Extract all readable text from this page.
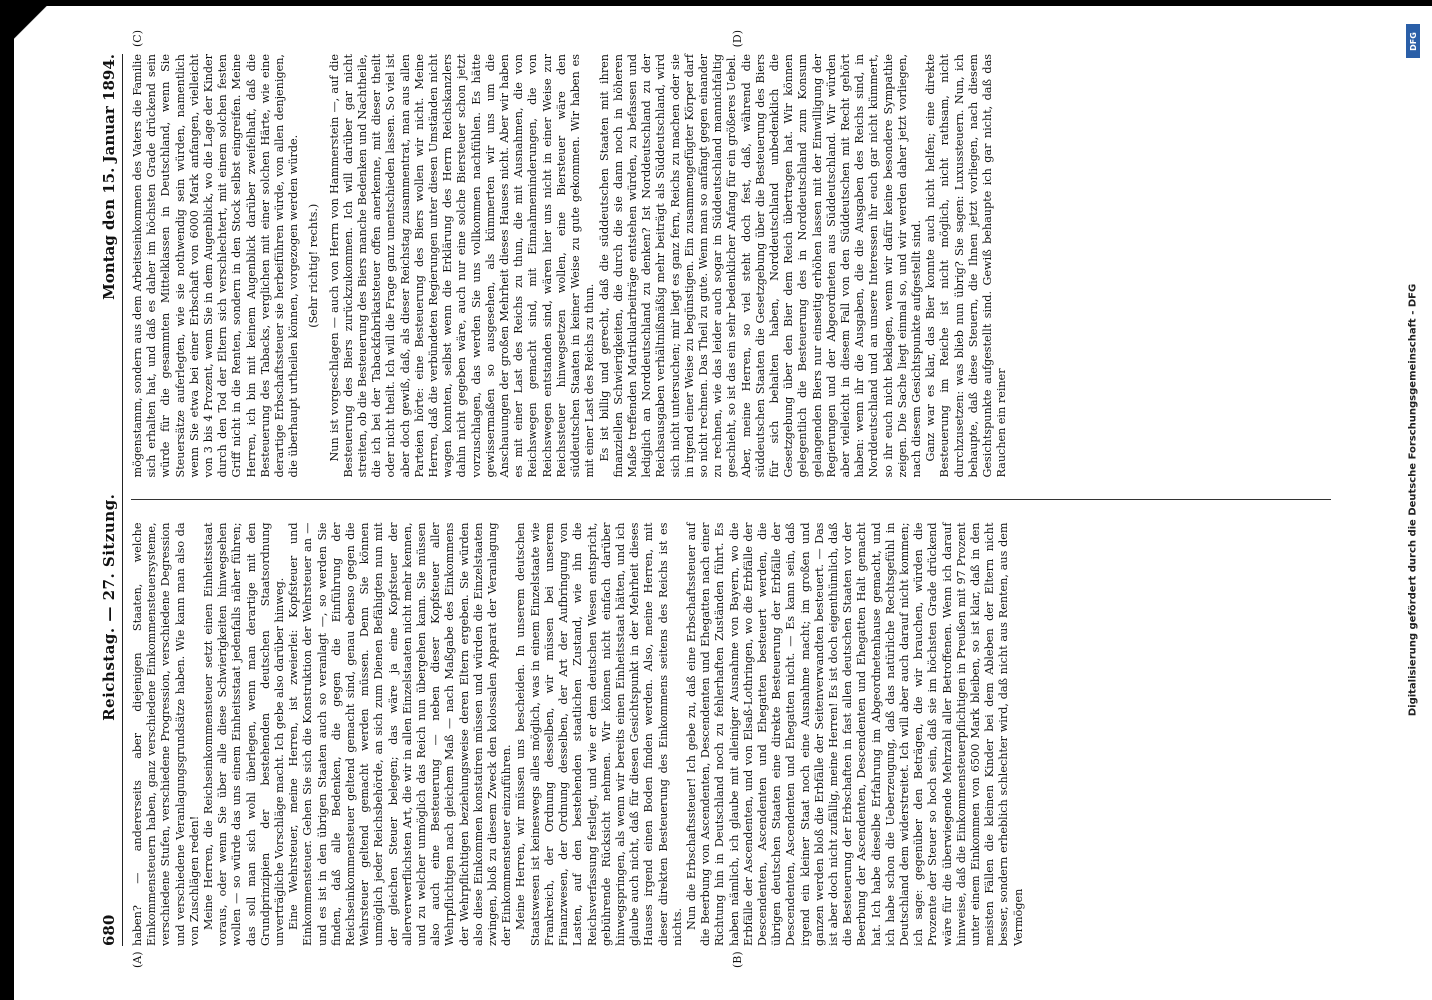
680
Reichstag. — 27. Sitzung.
Montag den 15. Januar 1894.
(A)	(B)

haben? — andererseits aber diejenigen Staaten, welche Einkommensteuern haben, ganz verschiedene Einkommensteuersysteme, verschiedene Stufen, verschiedene Progression, verschiedene Degression und verschiedene Veranlagungsgrundsätze haben. Wie kann man also da von Zuschlägen reden! Meine Herren, die Reichseinkommensteuer setzt einen Einheitsstaat voraus, oder wenn Sie über alle diese Schwierigkeiten hinwegsehen wollen — so würde das uns einem Einheitsstaat jedenfalls näher führen; das soll man sich wohl überlegen, wenn man derartige mit den Grundprinzipien der bestehenden deutschen Staatsordnung unverträgliche Vorschläge macht. Ich gebe also darüber hinweg. Eine Wehrsteuer, meine Herren, ist zweierlei: Kopfsteuer und Einkommensteuer. Gehen Sie sich die Konstruktion der Wehrsteuer an — und es ist in den übrigen Staaten auch so veranlagt —, so werden Sie finden, daß alle Bedenken, die gegen die Einführung der Reichseinkommensteuer geltend gemacht sind, genau ebenso gegen die Wehrsteuer geltend gemacht werden müssen. Denn Sie können unmöglich jeder Reichsbehörde, an sich zum Dienen Befähigten nun mit der gleichen Steuer belegen; das wäre ja eine Kopfsteuer der allerverwerflichsten Art, die wir in allen Einzelstaaten nicht mehr kennen, und zu welcher unmöglich das Reich nun übergehen kann. Sie müssen also auch eine Besteuerung — neben dieser Kopfsteuer aller Wehrpflichtigen nach gleichem Maß — nach Maßgabe des Einkommens der Wehrpflichtigen beziehungsweise deren Eltern ergeben. Sie würden also diese Einkommen konstatiren müssen und würden die Einzelstaaten zwingen, bloß zu diesem Zweck den kolossalen Apparat der Veranlagung der Einkommensteuer einzuführen. Meine Herren, wir müssen uns bescheiden. In unserem deutschen Staatswesen ist keineswegs alles möglich, was in einem Einzelstaate wie Frankreich, der Ordnung desselben, wir müssen bei unserem Finanzwesen, der Ordnung desselben, der Art der Aufbringung von Lasten, auf den bestehenden staatlichen Zustand, wie ihn die Reichsverfassung festlegt, und wie er dem deutschen Wesen entspricht, gebührende Rücksicht nehmen. Wir können nicht einfach darüber hinwegspringen, als wenn wir bereits einen Einheitsstaat hätten, und ich glaube auch nicht, daß für diesen Gesichtspunkt in der Mehrheit dieses Hauses irgend einen Boden finden werden. Also, meine Herren, mit dieser direkten Besteuerung des Einkommens seitens des Reichs ist es nichts. Nun die Erbschaftssteuer! Ich gebe zu, daß eine Erbschaftssteuer auf die Beerbung von Ascendenten, Descendenten und Ehegatten nach einer Richtung hin in Deutschland noch zu fehlerhaften Zuständen führt. Es haben nämlich, ich glaube mit alleiniger Ausnahme von Bayern, wo die Erbfälle der Ascendenten, und von Elsaß-Lothringen, wo die Erbfälle der Descendenten, Ascendenten und Ehegatten besteuert werden, die übrigen deutschen Staaten eine direkte Besteuerung der Erbfälle der Descendenten, Ascendenten und Ehegatten nicht. — Es kann sein, daß irgend ein kleiner Staat noch eine Ausnahme macht; im großen und ganzen werden bloß die Erbfälle der Seitenverwandten besteuert. — Das ist aber doch nicht zufällig, meine Herren! Es ist doch eigenthümlich, daß die Besteuerung der Erbschaften in fast allen deutschen Staaten vor der Beerbung der Ascendenten, Descendenten und Ehegatten Halt gemacht hat. Ich habe dieselbe Erfahrung im Abgeordnetenhause gemacht, und ich habe schon die Ueberzeugung, daß das natürliche Rechtsgefühl in Deutschland dem widerstreitet. Ich will aber auch darauf nicht kommen; ich sage: gegenüber den Beträgen, die wir brauchen, würden die Prozente der Steuer so hoch sein, daß sie im höchsten Grade drückend wäre für die überwiegende Mehrzahl aller Betroffenen. Wenn ich darauf hinweise, daß die Einkommensteuerpflichtigen in Preußen mit 97 Prozent unter einem Einkommen von 6500 Mark bleiben, so ist klar, daß in den meisten Fällen die kleinen Kinder bei dem Ableben der Eltern nicht besser, sondern erheblich schlechter wird, daß nicht aus Renten, aus dem Vermögen

(C)	(D)

mögenstamm, sondern aus dem Arbeitseinkommen des Vaters die Familie sich erhalten hat, und daß es daher im höchsten Grade drückend sein würde für die gesammten Mittelklassen in Deutschland, wenn Sie Steuersätze auferlegten, wie sie nothwendig sein würden, namentlich wenn Sie etwa bei einer Erbschaft von 6000 Mark anfangen, vielleicht von 3 bis 4 Prozent, wenn Sie in dem Augenblick, wo die Lage der Kinder durch den Tod der Eltern sich verschlechtert, mit einem solchen festen Griff nicht in die Renten, sondern in den Stock selbst eingreifen. Meine Herren, ich bin mit keinem Augenblick darüber zweifelhaft, daß die Besteuerung des Tabacks, verglichen mit einer solchen Härte, wie eine derartige Erbschaftssteuer sie herbeiführen würde, von allen denjenigen, die überhaupt urtheilen können, vorgezogen werden würde. (Sehr richtig! rechts.) Nun ist vorgeschlagen — auch von Herrn von Hammerstein —, auf die Besteuerung des Biers zurückzukommen. Ich will darüber gar nicht streiten, ob die Besteuerung des Biers manche Bedenken und Nachtheile, die ich bei der Tabackfabrikatsteuer offen anerkenne, mit dieser theilt oder nicht theilt. Ich will die Frage ganz unentschieden lassen. So viel ist aber doch gewiß, daß, als dieser Reichstag zusammentrat, man aus allen Parteien hörte: eine Besteuerung des Biers wollen wir nicht. Meine Herren, daß die verbündeten Regierungen unter diesen Umständen nicht wagen konnten, selbst wenn die Erklärung des Herrn Reichskanzlers dahin nicht gegeben wäre, auch nur eine solche Biersteuer schon jetzt vorzuschlagen, das werden Sie uns vollkommen nachfühlen. Es hätte gewissermaßen so ausgesehen, als kümmerten wir uns um die Anschauungen der großen Mehrheit dieses Hauses nicht. Aber wir haben es mit einer Last des Reichs zu thun, die mit Ausnahmen, die von Reichswegen gemacht sind, mit Einnahmeminderungen, die von Reichswegen entstanden sind, wären hier uns nicht in einer Weise zur Reichssteuer hinwegsetzen wollen, eine Biersteuer wäre den süddeutschen Staaten in keiner Weise zu gute gekommen. Wir haben es mit einer Last des Reichs zu thun. Es ist billig und gerecht, daß die süddeutschen Staaten mit ihren finanziellen Schwierigkeiten, die durch die sie dann noch in höheren Maße treffenden Matrikularbeiträge entstehen würden, zu befassen und lediglich an Norddeutschland zu denken? Ist Norddeutschland zu der Reichsausgaben verhältnißmäßig mehr beiträgt als Süddeutschland, wird sich nicht untersuchen; mir liegt es ganz fern, Reichs zu machen oder sie in irgend einer Weise zu begünstigen. Ein zusammengefügter Körper darf so nicht rechnen. Das Theil zu gute. Wenn man so anfängt gegen einander zu rechnen, wie das leider auch sogar in Süddeutschland mannichfaltig geschieht, so ist das ein sehr bedenklicher Anfang für ein größeres Uebel. Aber, meine Herren, so viel steht doch fest, daß, während die süddeutschen Staaten die Gesetzgebung über die Besteuerung des Biers für sich behalten haben, Norddeutschland unbedenklich die Gesetzgebung über den Bier dem Reich übertragen hat. Wir können gelegentlich die Besteuerung des in Norddeutschland zum Konsum gelangenden Biers nur einseitig erhöhen lassen mit der Einwilligung der Regierungen und der Abgeordneten aus Süddeutschland. Wir würden aber vielleicht in diesem Fall von den Süddeutschen mit Recht gehört haben: wenn ihr die Ausgaben, die die Ausgaben des Reichs sind, in Norddeutschland und an unsere Interessen ihr euch gar nicht kümmert, so ihr euch nicht beklagen, wenn wir dafür keine besondere Sympathie zeigen. Die Sache liegt einmal so, und wir werden daher jetzt vorliegen, nach diesem Gesichtspunkte aufgestellt sind. Ganz war es klar, das Bier konnte auch nicht helfen; eine direkte Besteuerung im Reiche ist nicht möglich, nicht rathsam, nicht durchzusetzen: was blieb nun übrig? Sie sagen: Luxussteuern. Nun, ich behaupte, daß diese Steuern, die Ihnen jetzt vorliegen, nach diesem Gesichtspunkte aufgestellt sind. Gewiß behaupte ich gar nicht, daß das Rauchen ein reiner

DFG
Digitalisierung gefördert durch die Deutsche Forschungsgemeinschaft - DFG
